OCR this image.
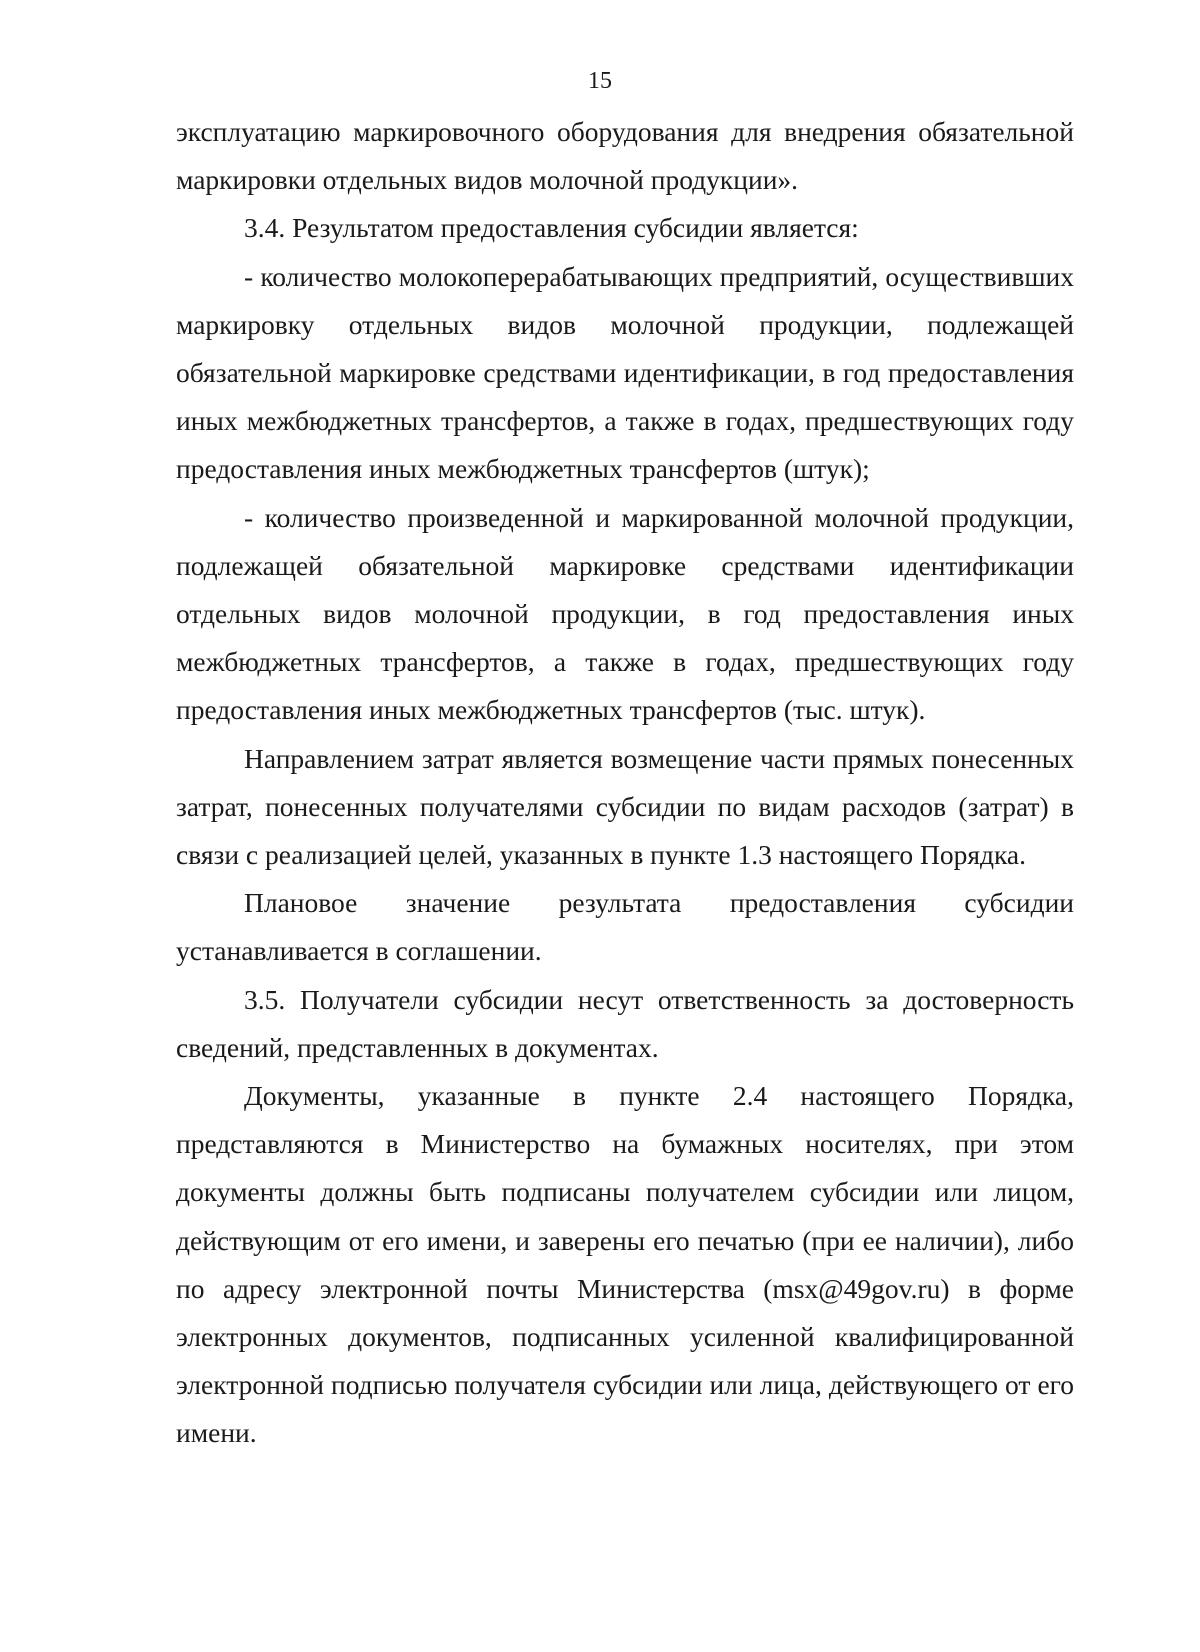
15

эксплуатацию маркировочного оборудования для внедрения обязательной маркировки отдельных видов молочной продукции».

3.4. Результатом предоставления субсидии является:

- количество молокоперерабатывающих предприятий, осуществивших маркировку отдельных видов молочной продукции, подлежащей обязательной маркировке средствами идентификации, в год предоставления иных межбюджетных трансфертов, а также в годах, предшествующих году предоставления иных межбюджетных трансфертов (штук);

- количество произведенной и маркированной молочной продукции, подлежащей обязательной маркировке средствами идентификации отдельных видов молочной продукции, в год предоставления иных межбюджетных трансфертов, а также в годах, предшествующих году предоставления иных межбюджетных трансфертов (тыс. штук).

Направлением затрат является возмещение части прямых понесенных затрат, понесенных получателями субсидии по видам расходов (затрат) в связи с реализацией целей, указанных в пункте 1.3 настоящего Порядка.

Плановое значение результата предоставления субсидии устанавливается в соглашении.

3.5. Получатели субсидии несут ответственность за достоверность сведений, представленных в документах.

Документы, указанные в пункте 2.4 настоящего Порядка, представляются в Министерство на бумажных носителях, при этом документы должны быть подписаны получателем субсидии или лицом, действующим от его имени, и заверены его печатью (при ее наличии), либо по адресу электронной почты Министерства (msx@49gov.ru) в форме электронных документов, подписанных усиленной квалифицированной электронной подписью получателя субсидии или лица, действующего от его имени.
